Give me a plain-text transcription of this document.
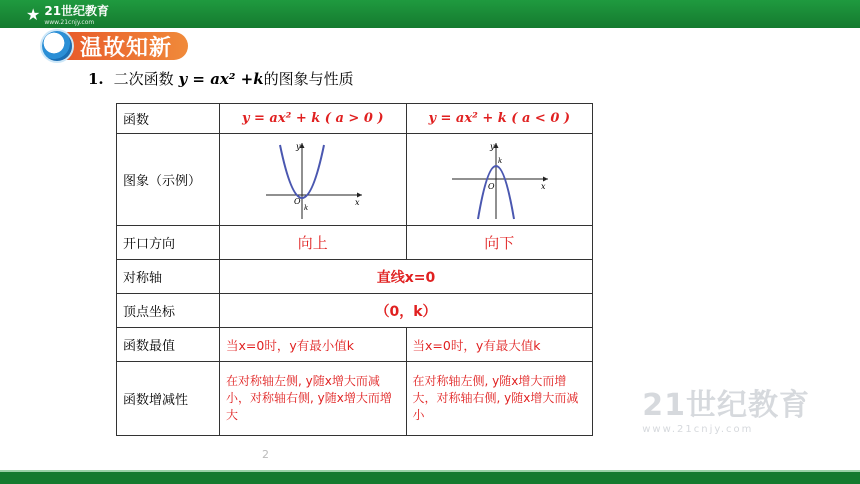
★ 21世纪教育
www.21cnjy.com
温故知新
1. 二次函数 y = ax² +k的图象与性质
函数	y = ax² + k ( a > 0 )	y = ax² + k ( a < 0 )
图象（示例）	y
x
O
k	y
x
O
k

开口方向	向上	向下
对称轴	直线x=0	
顶点坐标	（0，k）	
函数最值	当x=0时，y有最小值k	当x=0时，y有最大值k
函数增减性	在对称轴左侧, y随x增大而减小，对称轴右侧, y随x增大而增大	在对称轴左侧, y随x增大而增大，对称轴右侧, y随x增大而减小	21世纪教育
www.21cnjy.com
2
